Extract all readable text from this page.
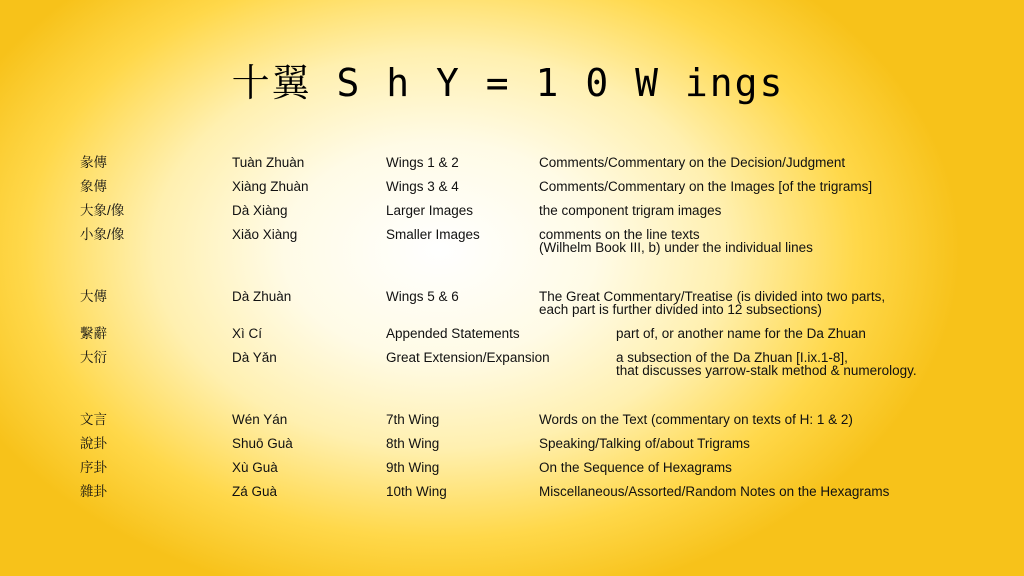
十翼 S h Y = 1 0 W ings
彖傳	Tuàn Zhuàn	Wings 1 & 2	Comments/Commentary on the Decision/Judgment
象傳	Xiàng Zhuàn	Wings 3 & 4	Comments/Commentary on the Images [of the trigrams]
大象/像	Dà Xiàng	Larger Images	the component trigram images
小象/像	Xiǎo Xiàng	Smaller Images	comments on the line texts
(Wilhelm Book III, b) under the individual lines
大傳	Dà Zhuàn	Wings 5 & 6	The Great Commentary/Treatise (is divided into two parts,
each part is further divided into 12 subsections)
繫辭	Xì Cí	Appended Statements	part of, or another name for the Da Zhuan
大衍	Dà Yǎn	Great Extension/Expansion	a subsection of the Da Zhuan [I.ix.1-8],
that discusses yarrow-stalk method & numerology.
文言	Wén Yán	7th Wing	Words on the Text (commentary on texts of H: 1 & 2)
說卦	Shuō Guà	8th Wing	Speaking/Talking of/about Trigrams
序卦	Xù Guà	9th Wing	On the Sequence of Hexagrams
雜卦	Zá Guà	10th Wing	Miscellaneous/Assorted/Random Notes on the Hexagrams
